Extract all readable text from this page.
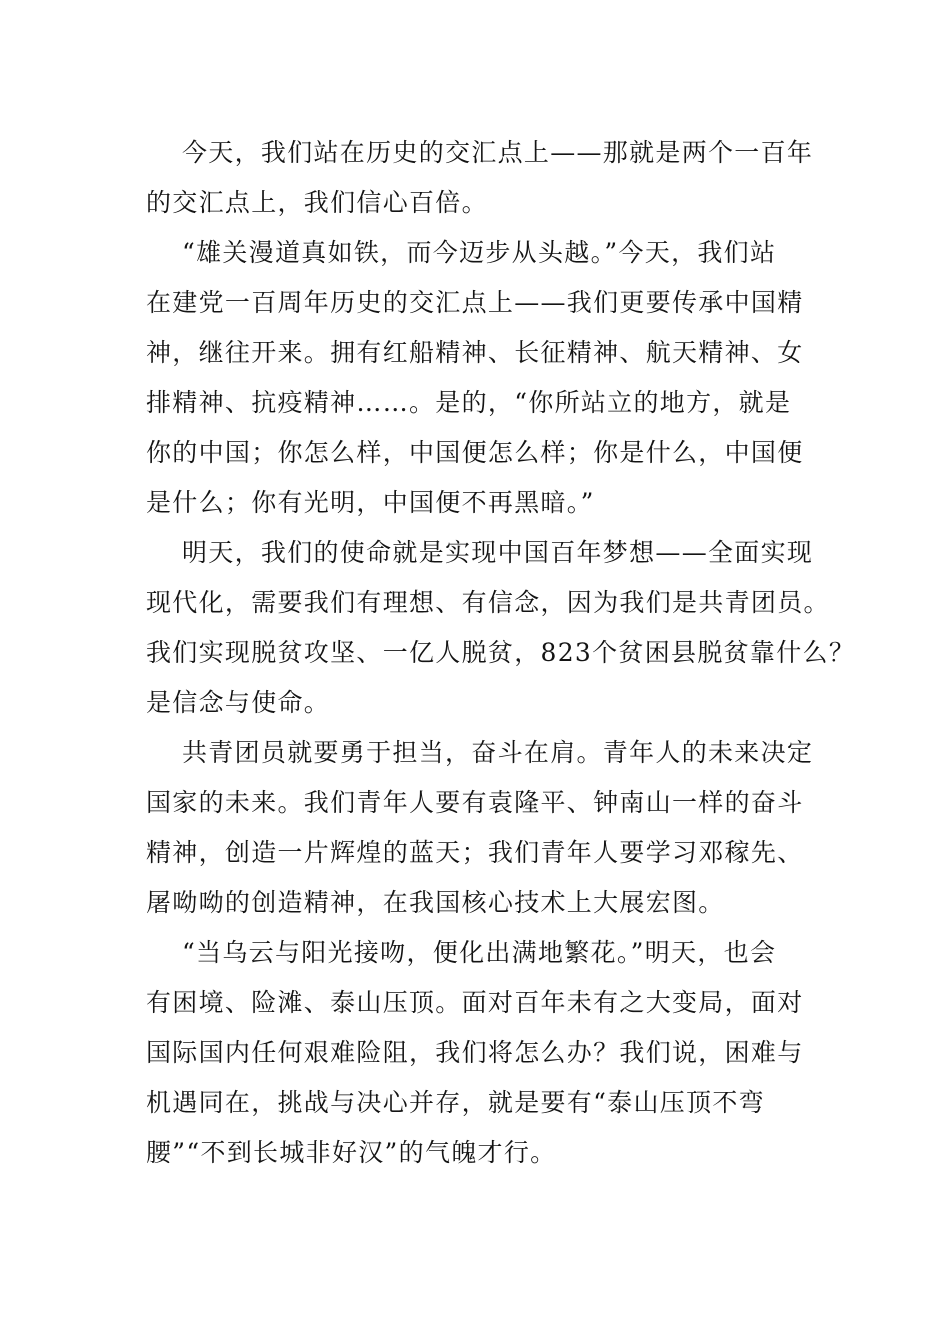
今天，我们站在历史的交汇点上——那就是两个一百年
的交汇点上，我们信心百倍。
“雄关漫道真如铁，而今迈步从头越。”今天，我们站
在建党一百周年历史的交汇点上——我们更要传承中国精
神，继往开来。拥有红船精神、长征精神、航天精神、女
排精神、抗疫精神……。是的，“你所站立的地方，就是
你的中国；你怎么样，中国便怎么样；你是什么，中国便
是什么；你有光明，中国便不再黑暗。”
明天，我们的使命就是实现中国百年梦想——全面实现
现代化，需要我们有理想、有信念，因为我们是共青团员。
我们实现脱贫攻坚、一亿人脱贫，823个贫困县脱贫靠什么？
是信念与使命。
共青团员就要勇于担当，奋斗在肩。青年人的未来决定
国家的未来。我们青年人要有袁隆平、钟南山一样的奋斗
精神，创造一片辉煌的蓝天；我们青年人要学习邓稼先、
屠呦呦的创造精神，在我国核心技术上大展宏图。
“当乌云与阳光接吻，便化出满地繁花。”明天，也会
有困境、险滩、泰山压顶。面对百年未有之大变局，面对
国际国内任何艰难险阻，我们将怎么办？我们说，困难与
机遇同在，挑战与决心并存，就是要有“泰山压顶不弯
腰”“不到长城非好汉”的气魄才行。
